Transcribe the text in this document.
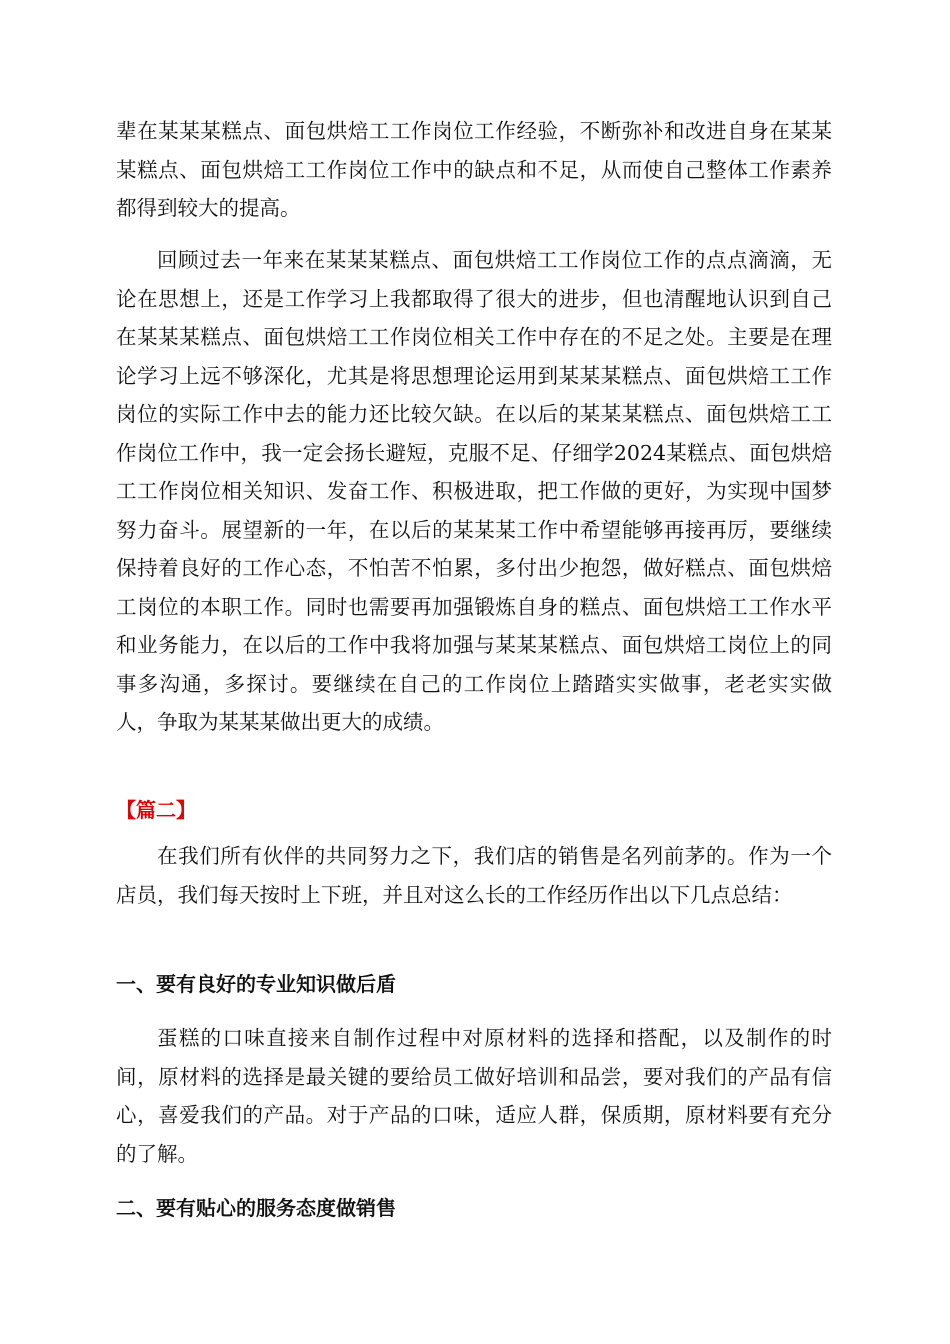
辈在某某某糕点、面包烘焙工工作岗位工作经验，不断弥补和改进自身在某某某糕点、面包烘焙工工作岗位工作中的缺点和不足，从而使自己整体工作素养都得到较大的提高。

回顾过去一年来在某某某糕点、面包烘焙工工作岗位工作的点点滴滴，无论在思想上，还是工作学习上我都取得了很大的进步，但也清醒地认识到自己在某某某糕点、面包烘焙工工作岗位相关工作中存在的不足之处。主要是在理论学习上远不够深化，尤其是将思想理论运用到某某某糕点、面包烘焙工工作岗位的实际工作中去的能力还比较欠缺。在以后的某某某糕点、面包烘焙工工作岗位工作中，我一定会扬长避短，克服不足、仔细学2024某糕点、面包烘焙工工作岗位相关知识、发奋工作、积极进取，把工作做的更好，为实现中国梦努力奋斗。展望新的一年，在以后的某某某工作中希望能够再接再厉，要继续保持着良好的工作心态，不怕苦不怕累，多付出少抱怨，做好糕点、面包烘焙工岗位的本职工作。同时也需要再加强锻炼自身的糕点、面包烘焙工工作水平和业务能力，在以后的工作中我将加强与某某某糕点、面包烘焙工岗位上的同事多沟通，多探讨。要继续在自己的工作岗位上踏踏实实做事，老老实实做人，争取为某某某做出更大的成绩。

【篇二】

在我们所有伙伴的共同努力之下，我们店的销售是名列前茅的。作为一个店员，我们每天按时上下班，并且对这么长的工作经历作出以下几点总结：

一、要有良好的专业知识做后盾

蛋糕的口味直接来自制作过程中对原材料的选择和搭配，以及制作的时间，原材料的选择是最关键的要给员工做好培训和品尝，要对我们的产品有信心，喜爱我们的产品。对于产品的口味，适应人群，保质期，原材料要有充分的了解。

二、要有贴心的服务态度做销售
